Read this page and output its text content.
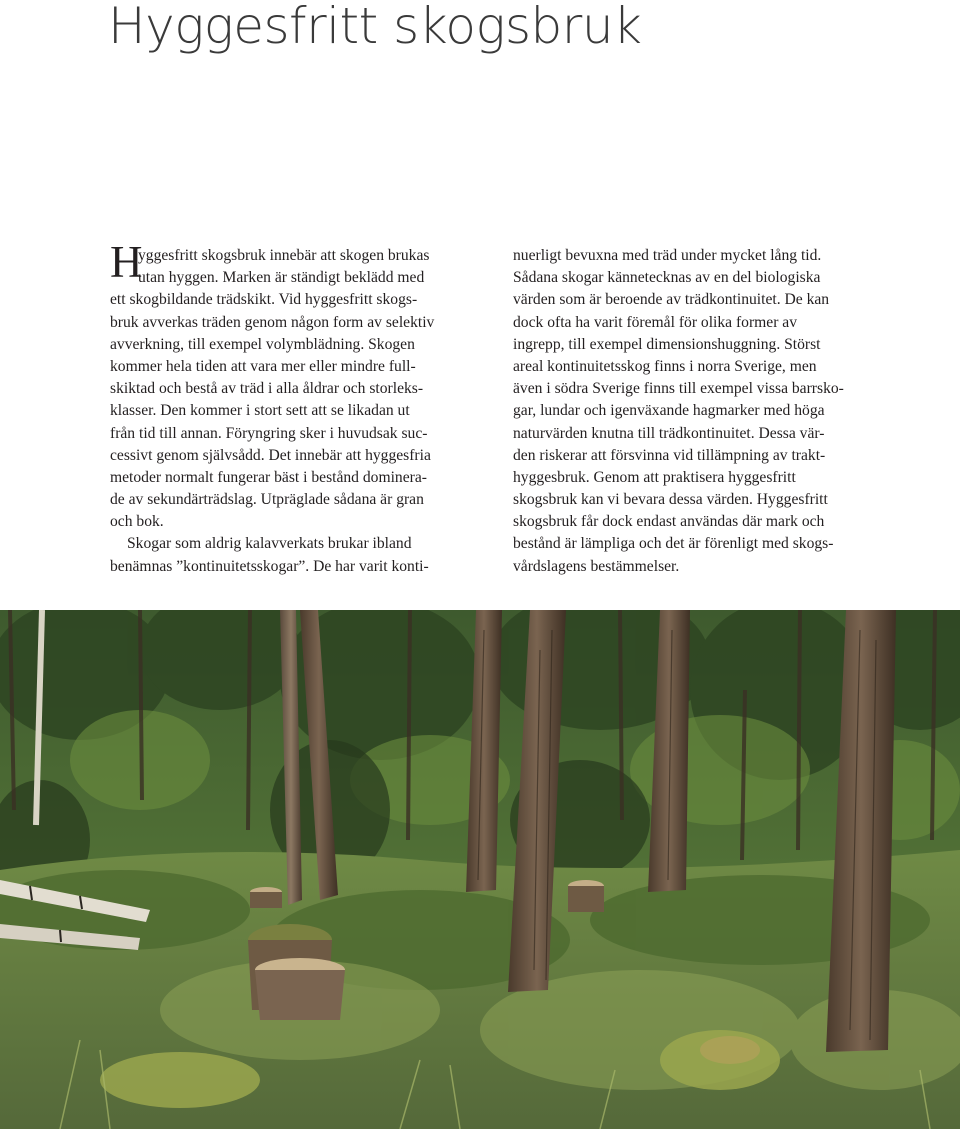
Hyggesfritt skogsbruk
H
yggesfritt skogsbruk innebär att skogen brukas
utan hyggen. Marken är ständigt beklädd med
ett skogbildande trädskikt. Vid hyggesfritt skogs-
bruk avverkas träden genom någon form av selektiv
avverkning, till exempel volymblädning. Skogen
kommer hela tiden att vara mer eller mindre full-
skiktad och bestå av träd i alla åldrar och storleks-
klasser. Den kommer i stort sett att se likadan ut
från tid till annan. Föryngring sker i huvudsak suc-
cessivt genom självsådd. Det innebär att hyggesfria
metoder normalt fungerar bäst i bestånd dominera-
de av sekundärträdslag. Utpräglade sådana är gran
och bok.
Skogar som aldrig kalavverkats brukar ibland
benämnas ”kontinuitetsskogar”. De har varit konti-
nuerligt bevuxna med träd under mycket lång tid.
Sådana skogar kännetecknas av en del biologiska
värden som är beroende av trädkontinuitet. De kan
dock ofta ha varit föremål för olika former av
ingrepp, till exempel dimensionshuggning. Störst
areal kontinuitetsskog finns i norra Sverige, men
även i södra Sverige finns till exempel vissa barrsko-
gar, lundar och igenväxande hagmarker med höga
naturvärden knutna till trädkontinuitet. Dessa vär-
den riskerar att försvinna vid tillämpning av trakt-
hyggesbruk. Genom att praktisera hyggesfritt
skogsbruk kan vi bevara dessa värden. Hyggesfritt
skogsbruk får dock endast användas där mark och
bestånd är lämpliga och det är förenligt med skogs-
vårdslagens bestämmelser.
